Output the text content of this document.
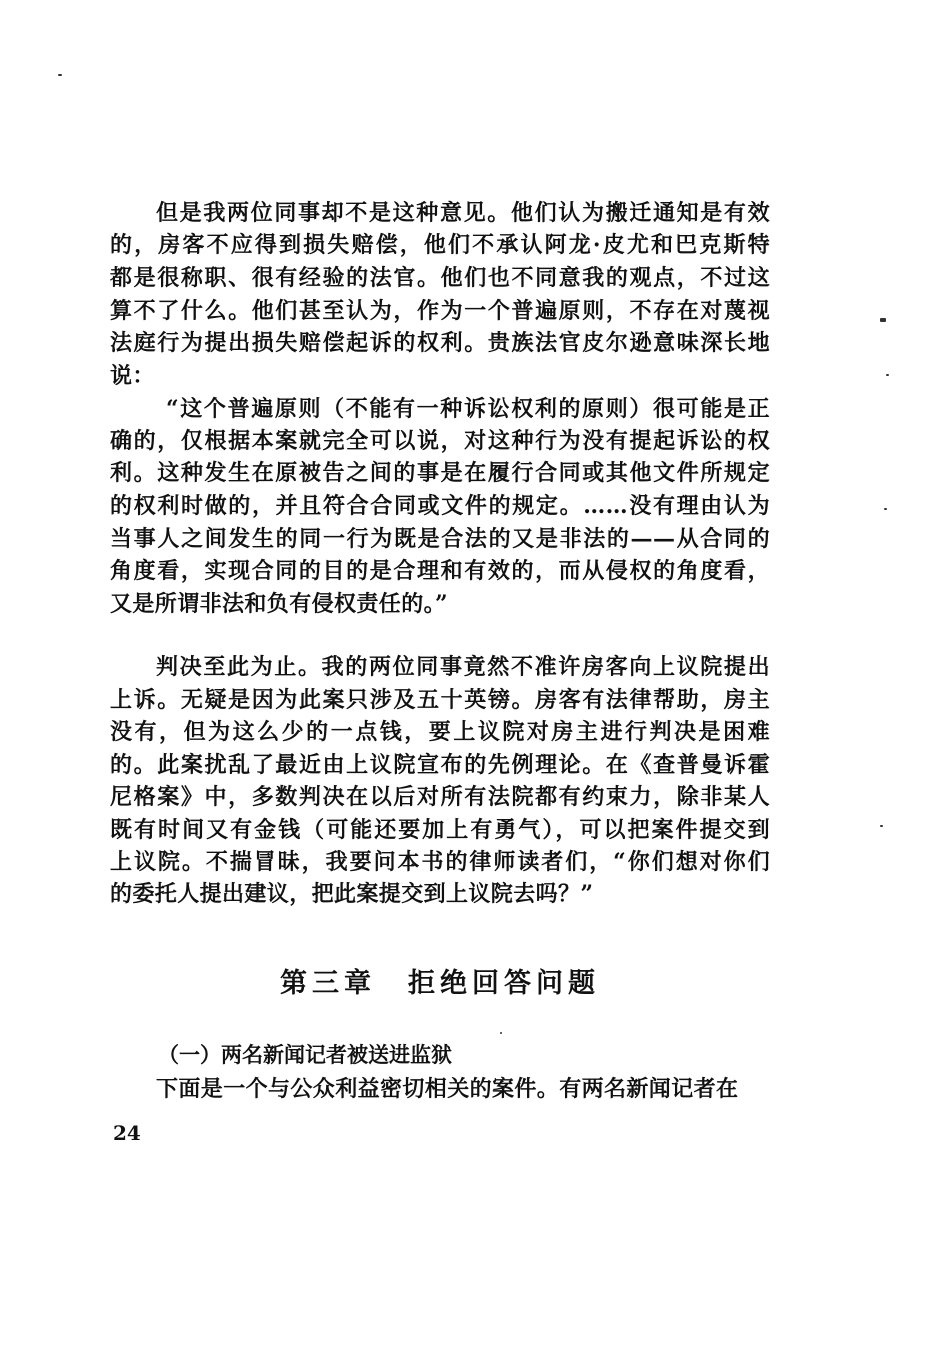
但是我两位同事却不是这种意见。他们认为搬迁通知是有效
的，房客不应得到损失赔偿，他们不承认阿龙·皮尤和巴克斯特
都是很称职、很有经验的法官。他们也不同意我的观点，不过这
算不了什么。他们甚至认为，作为一个普遍原则，不存在对蔑视
法庭行为提出损失赔偿起诉的权利。贵族法官皮尔逊意味深长地
说：
“这个普遍原则（不能有一种诉讼权利的原则）很可能是正
确的，仅根据本案就完全可以说，对这种行为没有提起诉讼的权
利。这种发生在原被告之间的事是在履行合同或其他文件所规定
的权利时做的，并且符合合同或文件的规定。……没有理由认为
当事人之间发生的同一行为既是合法的又是非法的——从合同的
角度看，实现合同的目的是合理和有效的，而从侵权的角度看，
又是所谓非法和负有侵权责任的。”
判决至此为止。我的两位同事竟然不准许房客向上议院提出
上诉。无疑是因为此案只涉及五十英镑。房客有法律帮助，房主
没有，但为这么少的一点钱，要上议院对房主进行判决是困难
的。此案扰乱了最近由上议院宣布的先例理论。在《查普曼诉霍
尼格案》中，多数判决在以后对所有法院都有约束力，除非某人
既有时间又有金钱（可能还要加上有勇气），可以把案件提交到
上议院。不揣冒昧，我要问本书的律师读者们，“你们想对你们
的委托人提出建议，把此案提交到上议院去吗？”
第三章　拒绝回答问题
（一）两名新闻记者被送进监狱
下面是一个与公众利益密切相关的案件。有两名新闻记者在
24
